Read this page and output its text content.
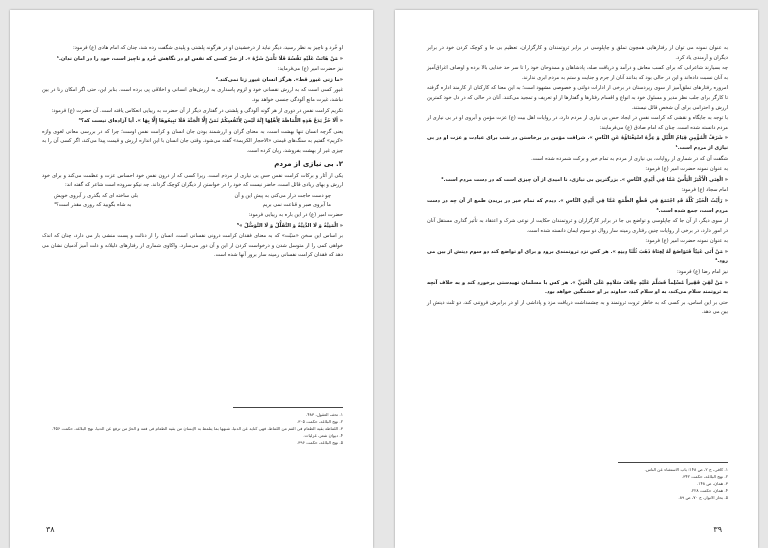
او خُرد و ناچیز به نظر رسید، دیگر نباید از درخشیدن او در هرگونه پلشتی و پلیدی شگفت زده شد، چنان که امام هادی (ع) فرمود:

« مَنْ هَانَتْ عَلَيْهِ نَفْسُهُ فَلَا تَأْمَنْ شَرَّهُ ». از شرّ کسی که نفس او در نگاهش خُرد و ناچیز است، خود را در امان ندان.¹

نیز حضرت امیر (ع) می‌فرماید:

«ما زنی غیور قط». هرگز انسان غیور زنا نمی‌کند.²

غیور کسی است که به ارزش نفسانی خود و لزوم پاسداری به ارزش‌های انسانی و اخلاقی پی برده است. بنابر این، حتی اگر امکان زنا در بین نباشد، غیرت مانع آلودگی جنسی خواهد بود.

تکریم کرامت نفس در دوری از هر گونه آلودگی و پلشتی در گفتاری دیگر از آن حضرت به زیبایی انعکاس یافته است. آن حضرت (ع) فرمود:

« أَلَا حُرٌّ يَدَعُ هَذِهِ اللُّمَاظَةَ لِأَهْلِهَا إِنَّهُ لَيْسَ لِأَنْفُسِكُمْ ثَمَنٌ إِلَّا الْجَنَّةَ فَلَا تَبِيعُوهَا إِلَّا بِهَا ». آیا آزاده‌ای نیست که؟³

یعنی گرچه انسان تنها بهشت است، به معنای گران و ارزشمند بودن جان انسان و کرامت نفس اوست؛ چرا که در بررسی معانی لغوی واژه «کریم» گفتیم به سنگ‌های قیمتی «الاحجار الکریمة» گفته می‌شود. وقتی جان انسان با این اندازه ارزش و قیمت پیدا می‌کند، اگر کسی آن را به چیزی غیر از بهشت بفروشد، زیان کرده است.

۲. بی نیازی از مردم

یکی از آثار و برکات کرامت نفس حس بی نیازی از مردم است. زیرا کسی که از درون نفس خود احساس عزت و عظمت می‌کند و برای خود ارزش و بهای زیادی قائل است، حاضر نیست که خود را در خواستن از دیگران کوچک گرداند. چه نیکو سروده است شاعر که گفته اند:

چو دست حاجت دراز می‌کنی به پیش این و آن
بلی ساخته ای که بگذری ز آبروی خویش
ما آبروی صبر و قناعت نمی بریم
به شاه بگویید که روزی مقدر است؟⁴

حضرت امیر (ع) در این باره به زیبایی فرمود:

« الْمَنِيَّةُ وَ لَا الدَّنِيَّةُ وَ التَّقَلُّلُ وَ لَا التَّوَسُّلُ »⁵

بر اساس این سخن «منیّت» که به معنای فقدان کرامت درونی نفسانی است، انسان را از دنائت و پست منشی باز می دارد، چنان که اندک خواهی کمی را از متوسل شدن و درخواست کردن از این و آن دور می‌سازد. واکاوی شماری از رفتارهای ذلیلانه و ذلت آمیز آدمیان نشان می دهد که فقدان کرامت نفسانی زمینه ساز بروز آنها شده است.

۱. تحف العقول، ۴۸۳.
۲. نهج البلاغه، حکمت ۳۰۵.
۳. اللماظة بقیة الطعام فی الفم من اللماظ، فهی کنایة عن الدنیا، شبهها بما یتلمظ به الإنسان من بقیة الطعام فی فمه و الحرّ من ترفع عن الدنیا، نهج البلاغه، حکمت ۴۵۶.
۴. دیوان شعر، غزلیات.
۵. نهج البلاغه، حکمت ۳۹۶.
۳۸

به عنوان نمونه می توان از رفتارهایی همچون تملق و چاپلوسی در برابر ثروتمندان و کارگزاران، تعظیم بی جا و کوچک کردن خود در برابر دیگران و آزمندی یاد کرد.

چه بسیارند شاعرانی که برای کسب معاش و درآمد و دریافت صله، پادشاهان و ممدوحان خود را تا سر حد خدایی بالا برده و اوصاف اغراق‌آمیز به آنان نسبت داده‌اند و این در حالی بود که بدانند آنان از جرم و جنایت و ستم به مردم ابری ندارند.

امروزه رفتارهای تملق‌آمیز از سوی زیردستان در برخی از ادارات دولتی و خصوصی مشهود است؛ به این معنا که کارکنان از کارمند اداره گرفته تا کارگر برای جلب نظر مدیر و مسئول خود به انواع و اقسام رفتارها و گفتارها از او تعریف و تمجید می‌کنند. آنان در حالی که در دل خود کمترین ارزش و احترامی برای آن شخص قائل نیستند.

با توجه به جایگاه و نقشی که کرامت نفس در ایجاد حس بی نیازی از مردم دارد، در روایات اهل بیت (ع) عزت مؤمن و آبروی او در بی نیازی از مردم دانسته شده است. چنان که امام صادق (ع) می‌فرمایند:

« شَرَفُ الْمُؤْمِنِ قِيَامُ اللَّيْلِ وَ عِزُّهُ اسْتِغْنَاؤُهُ عَنِ النَّاسِ ». شرافت مؤمن در برخاستن در شب برای عبادت و عزت او در بی نیازی از مردم است.¹

شگفت آن که در شماری از روایات، بی نیازی از مردم به تمام خیر و برکت شمرده شده است.

به عنوان نمونه حضرت امیر (ع) فرمود:

« الْغِنَى الْأَكْبَرُ الْيَأْسُ عَمَّا فِي أَيْدِي النَّاسِ ». بزرگترین بی نیازی، نا امیدی از آن چیزی است که در دست مردم است.²

امام سجاد (ع) فرمود:

« رَأَيْتُ الْخَيْرَ كُلَّهُ قَدِ اجْتَمَعَ فِي قَطْعِ الطَّمَعِ عَمَّا فِي أَيْدِي النَّاسِ ». دیدم که تمام خیر در بریدن طمع از آن چه در دست مردم است، جمع شده است.³

از سوی دیگر، از آن جا که چاپلوسی و تواضع بی جا در برابر کارگزاران و ثروتمندان حکایت از نوعی شرک و اعتقاد به تأثیر گذاری مستقل آنان در امور دارد، در برخی از روایات چنین رفتاری زمینه ساز زوال دو سوم ایمان دانسته شده است.

به عنوان نمونه حضرت امیر (ع) فرمود:

« مَنْ أَتَى غَنِيّاً فَتَوَاضَعَ لَهُ لِغِنَاهُ ذَهَبَ ثُلُثَا دِينِهِ ». هر کس نزد ثروتمندی برود و برای او تواضع کند دو سوم دینش از بین می رود.⁴

نیز امام رضا (ع) فرمود:

« مَنْ لَقِيَ فَقِيراً مُسْلِماً فَسَلَّمَ عَلَيْهِ خِلَافَ سَلَامِهِ عَلَى الْغَنِيِّ ». هر کس با مسلمان تهیدستی برخورد کند و به خلاف آنچه به ثروتمند سلام می‌کند، به او سلام کند، خداوند بر او خشمگین خواهد بود.

حتی بر این اساس، بر کسی که به خاطر ثروت ثروتمند و به چشمداشت دریافت مزد و پاداشی از او در برابرش فروتنی کند، دو ثلث دینش از بین می دهد.

۱. کافی، ج ۲، ص ۱۴۸؛ باب الاستغناء عن الناس.
۲. نهج البلاغه، حکمت ۳۴۲.
۳. همان، ص ۱۴۸.
۴. همان، حکمت ۲۲۸.
۵. بحار الانوار، ج ۷۰، ص ۸۹.
۳۹
